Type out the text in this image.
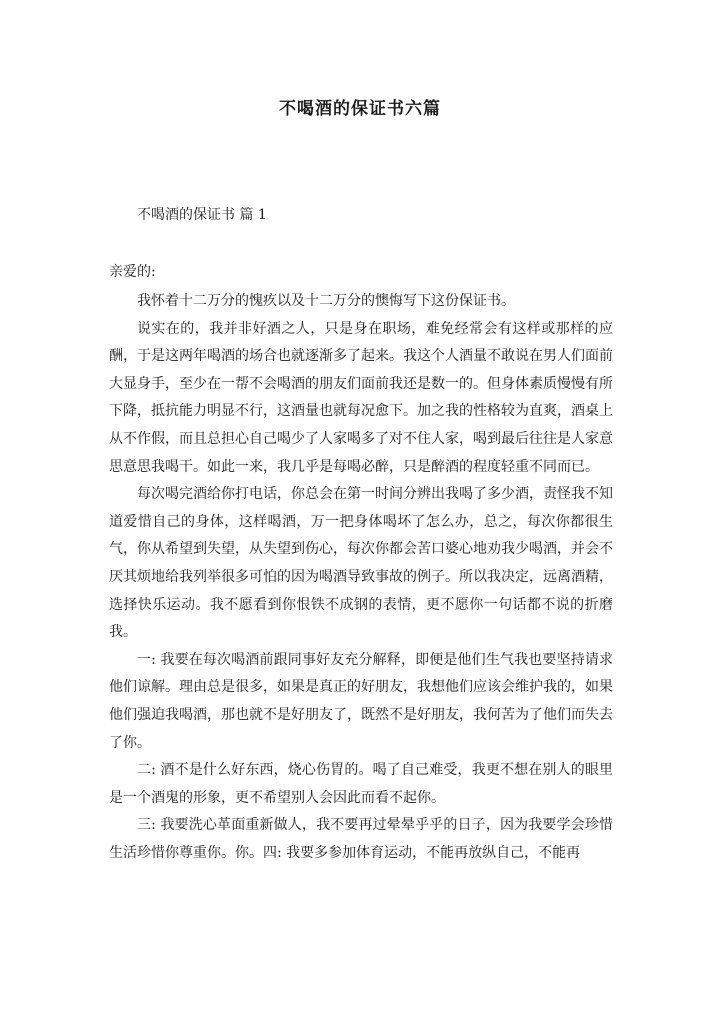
不喝酒的保证书六篇
不喝酒的保证书 篇 1
亲爱的:

我怀着十二万分的愧疚以及十二万分的懊悔写下这份保证书。

说实在的，我并非好酒之人，只是身在职场，难免经常会有这样或那样的应酬，于是这两年喝酒的场合也就逐渐多了起来。我这个人酒量不敢说在男人们面前大显身手，至少在一帮不会喝酒的朋友们面前我还是数一的。但身体素质慢慢有所下降，抵抗能力明显不行，这酒量也就每况愈下。加之我的性格较为直爽，酒桌上从不作假，而且总担心自己喝少了人家喝多了对不住人家，喝到最后往往是人家意思意思我喝干。如此一来，我几乎是每喝必醉，只是醉酒的程度轻重不同而已。

每次喝完酒给你打电话，你总会在第一时间分辨出我喝了多少酒，责怪我不知道爱惜自己的身体，这样喝酒，万一把身体喝坏了怎么办，总之，每次你都很生气，你从希望到失望，从失望到伤心，每次你都会苦口婆心地劝我少喝酒，并会不厌其烦地给我列举很多可怕的因为喝酒导致事故的例子。所以我决定，远离酒精，选择快乐运动。我不愿看到你恨铁不成钢的表情，更不愿你一句话都不说的折磨我。

一: 我要在每次喝酒前跟同事好友充分解释，即便是他们生气我也要坚持请求他们谅解。理由总是很多，如果是真正的好朋友，我想他们应该会维护我的，如果他们强迫我喝酒，那也就不是好朋友了，既然不是好朋友，我何苦为了他们而失去了你。

二: 酒不是什么好东西，烧心伤胃的。喝了自己难受，我更不想在别人的眼里是一个酒鬼的形象，更不希望别人会因此而看不起你。

三: 我要洗心革面重新做人，我不要再过晕晕乎乎的日子，因为我要学会珍惜生活珍惜你尊重你。你。四: 我要多参加体育运动，不能再放纵自己，不能再
